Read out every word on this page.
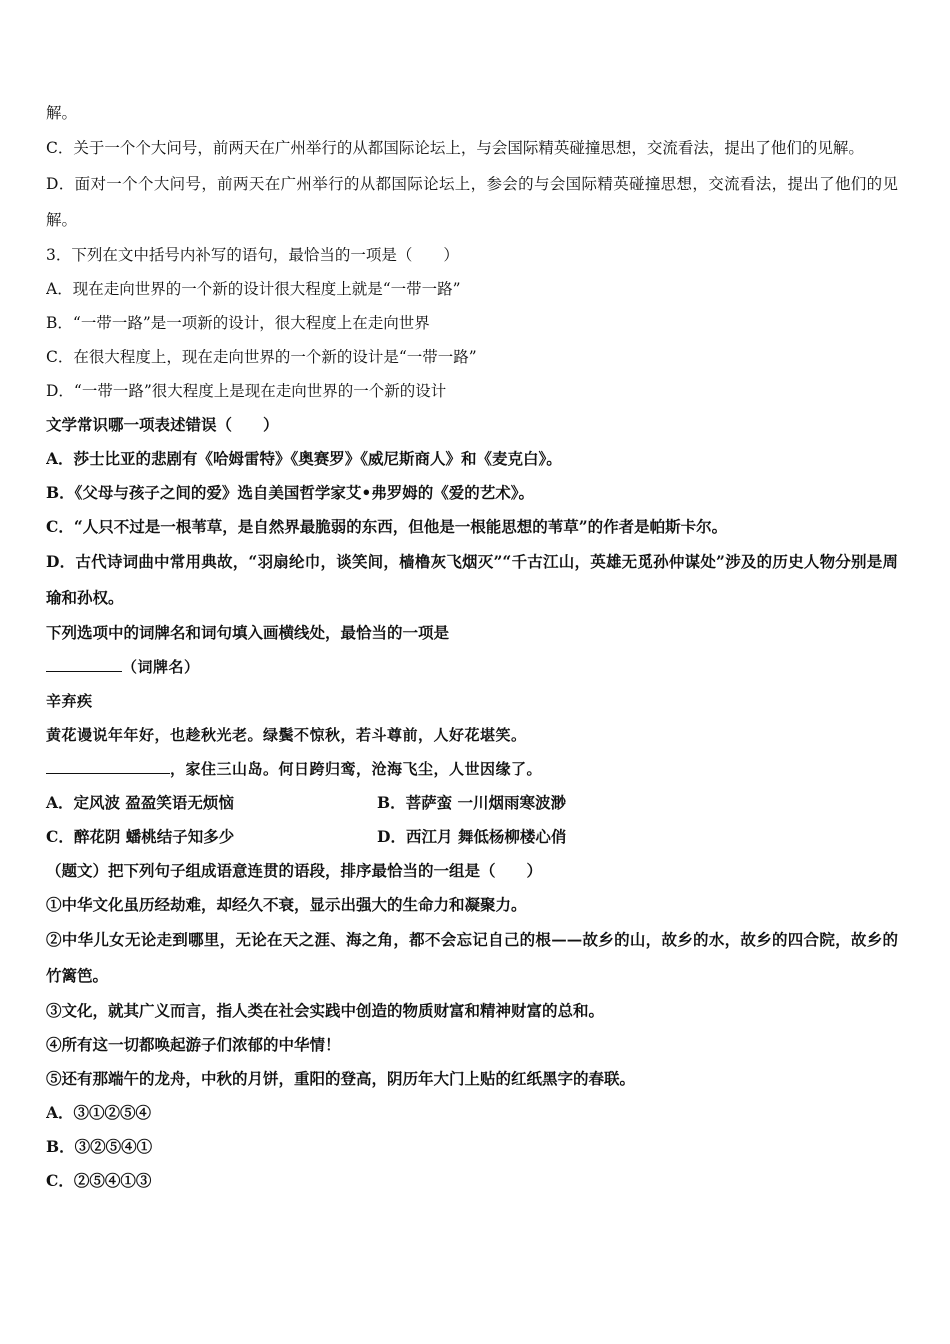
解。
C．关于一个个大问号，前两天在广州举行的从都国际论坛上，与会国际精英碰撞思想，交流看法，提出了他们的见解。
D．面对一个个大问号，前两天在广州举行的从都国际论坛上，参会的与会国际精英碰撞思想，交流看法，提出了他们的见解。
3．下列在文中括号内补写的语句，最恰当的一项是（　　）
A．现在走向世界的一个新的设计很大程度上就是“一带一路”
B．“一带一路”是一项新的设计，很大程度上在走向世界
C．在很大程度上，现在走向世界的一个新的设计是“一带一路”
D．“一带一路”很大程度上是现在走向世界的一个新的设计
文学常识哪一项表述错误（　　）
A．莎士比亚的悲剧有《哈姆雷特》《奥赛罗》《威尼斯商人》和《麦克白》。
B．《父母与孩子之间的爱》选自美国哲学家艾•弗罗姆的《爱的艺术》。
C．“人只不过是一根苇草，是自然界最脆弱的东西，但他是一根能思想的苇草”的作者是帕斯卡尔。
D．古代诗词曲中常用典故，“羽扇纶巾，谈笑间，樯橹灰飞烟灭”“千古江山，英雄无觅孙仲谋处”涉及的历史人物分别是周瑜和孙权。
下列选项中的词牌名和词句填入画横线处，最恰当的一项是
（词牌名）
辛弃疾
黄花谩说年年好，也趁秋光老。绿鬓不惊秋，若斗尊前，人好花堪笑。
，家住三山岛。何日跨归鸾，沧海飞尘，人世因缘了。
A．定风波 盈盈笑语无烦恼	B．菩萨蛮 一川烟雨寒波渺
C．醉花阴 蟠桃结子知多少	D．西江月 舞低杨柳楼心俏
（题文）把下列句子组成语意连贯的语段，排序最恰当的一组是（　　）
①中华文化虽历经劫难，却经久不衰，显示出强大的生命力和凝聚力。
②中华儿女无论走到哪里，无论在天之涯、海之角，都不会忘记自己的根——故乡的山，故乡的水，故乡的四合院，故乡的竹篱笆。
③文化，就其广义而言，指人类在社会实践中创造的物质财富和精神财富的总和。
④所有这一切都唤起游子们浓郁的中华情！
⑤还有那端午的龙舟，中秋的月饼，重阳的登高，阴历年大门上贴的红纸黑字的春联。
A．③①②⑤④
B．③②⑤④①
C．②⑤④①③
